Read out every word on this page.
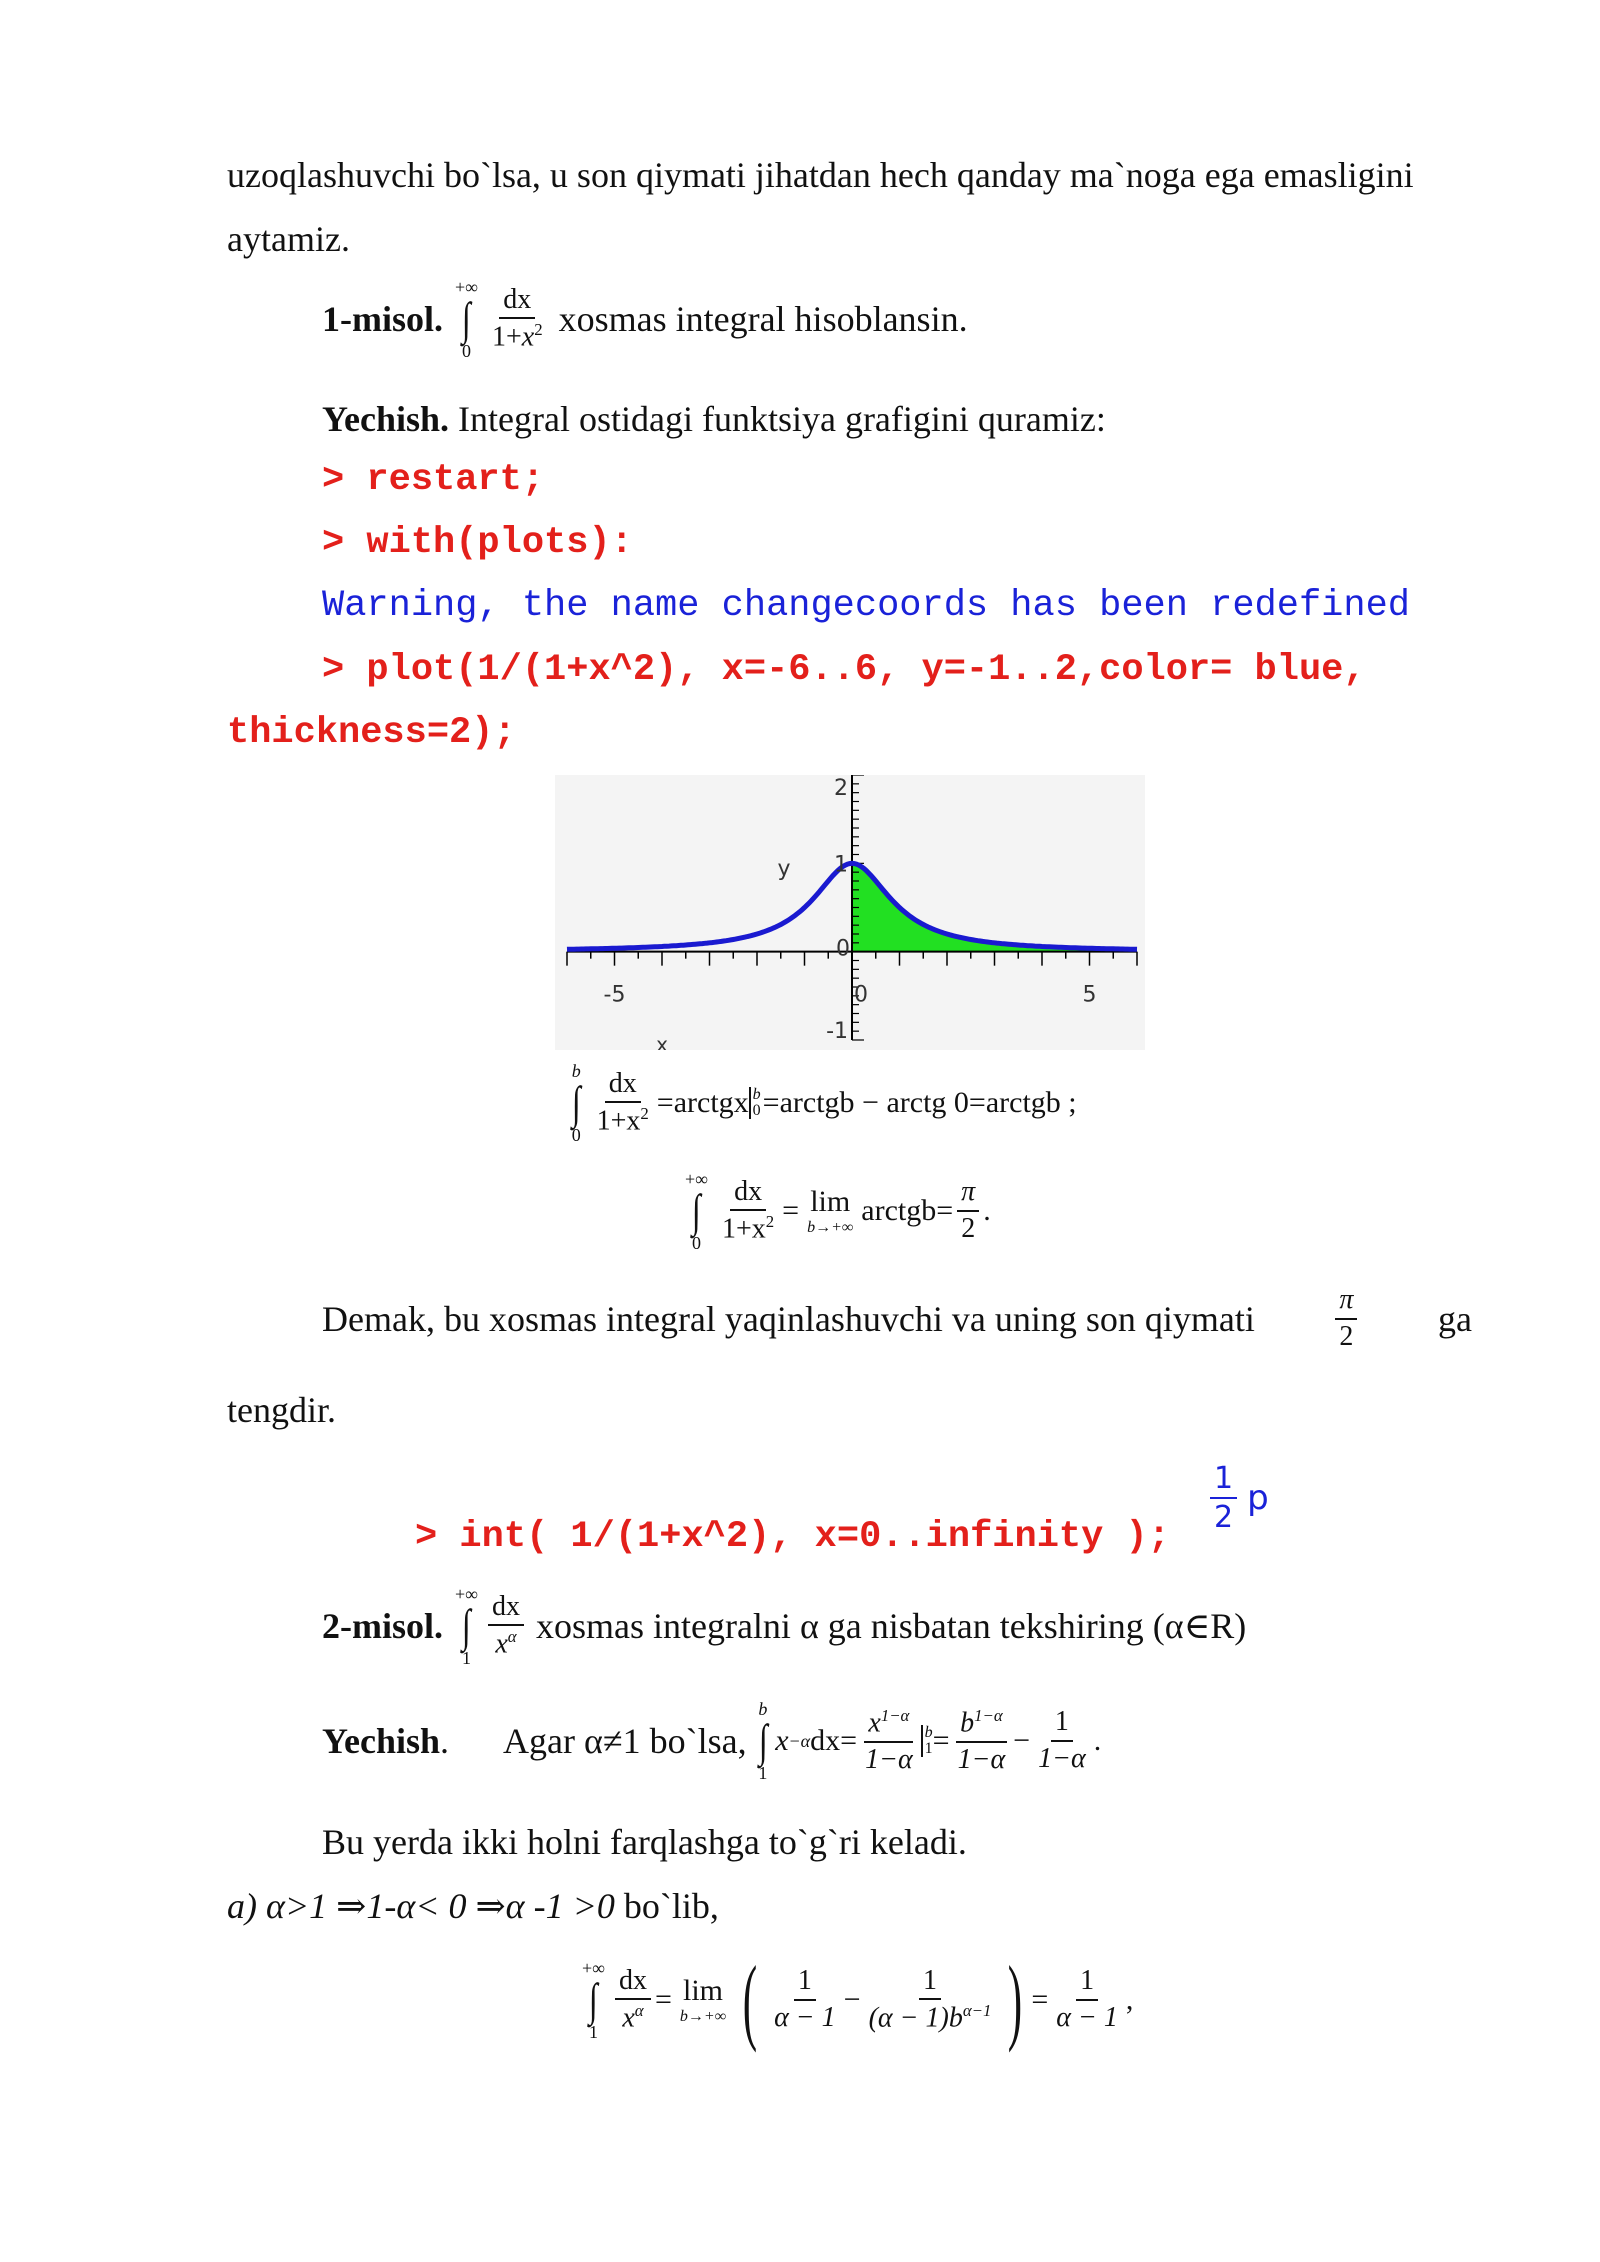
uzoqlashuvchi bo`lsa, u son qiymati jihatdan hech qanday ma`noga ega emasligini
aytamiz.
1-misol.
+∞
∫
$0 \frac{dx}{1+x^2}$ xosmas integral hisoblansin.
Yechish. Integral ostidagi funktsiya grafigini quramiz:
> restart;
> with(plots):
Warning, the name changecoords has been redefined
> plot(1/(1+x^2), x=-6..6, y=-1..2,color= blue,
thickness=2);
-5	0	5
2
1
0
-1
x
y
b
∫
$0 \frac{dx}{1+x^2}$ =arctgx b
0 =arctgb − arctg 0=arctgb ;
+∞
∫
$0 \frac{dx}{1+x^2} = \lim$
b→+∞
arctgb= $\frac{\pi}{2}$ .
Demak, bu xosmas integral yaqinlashuvchi va uning son qiymati	$\frac{\pi}{2}$ ga
tengdir.
$\frac{1}{2}$ p
> int( 1/(1+x^2), x=0..infinity );
2-misol.
+∞
∫
$1 \frac{dx}{x^\alpha}$ xosmas integralni α ga nisbatan tekshiring (α∈R)
Yechish . Agar α≠1 bo`lsa,
b
∫
1
x −α $dx= \frac{x^{1-\alpha}}{1-\alpha}$ b
$1 = \frac{b^{1-\alpha}}{1-\alpha} - \frac{1}{1-\alpha}$ .
Bu yerda ikki holni farqlashga to`g`ri keladi.
a) α>1 ⇒1-α< 0 ⇒α -1 >0 bo`lib,
+∞
∫
$1 \frac{dx}{x^\alpha} = \lim$
b→+∞ ( $\frac{1}{\alpha - 1} - \frac{1}{(\alpha - 1)b^{\alpha-1}}$ ) = $\frac{1}{\alpha - 1}$ ,
